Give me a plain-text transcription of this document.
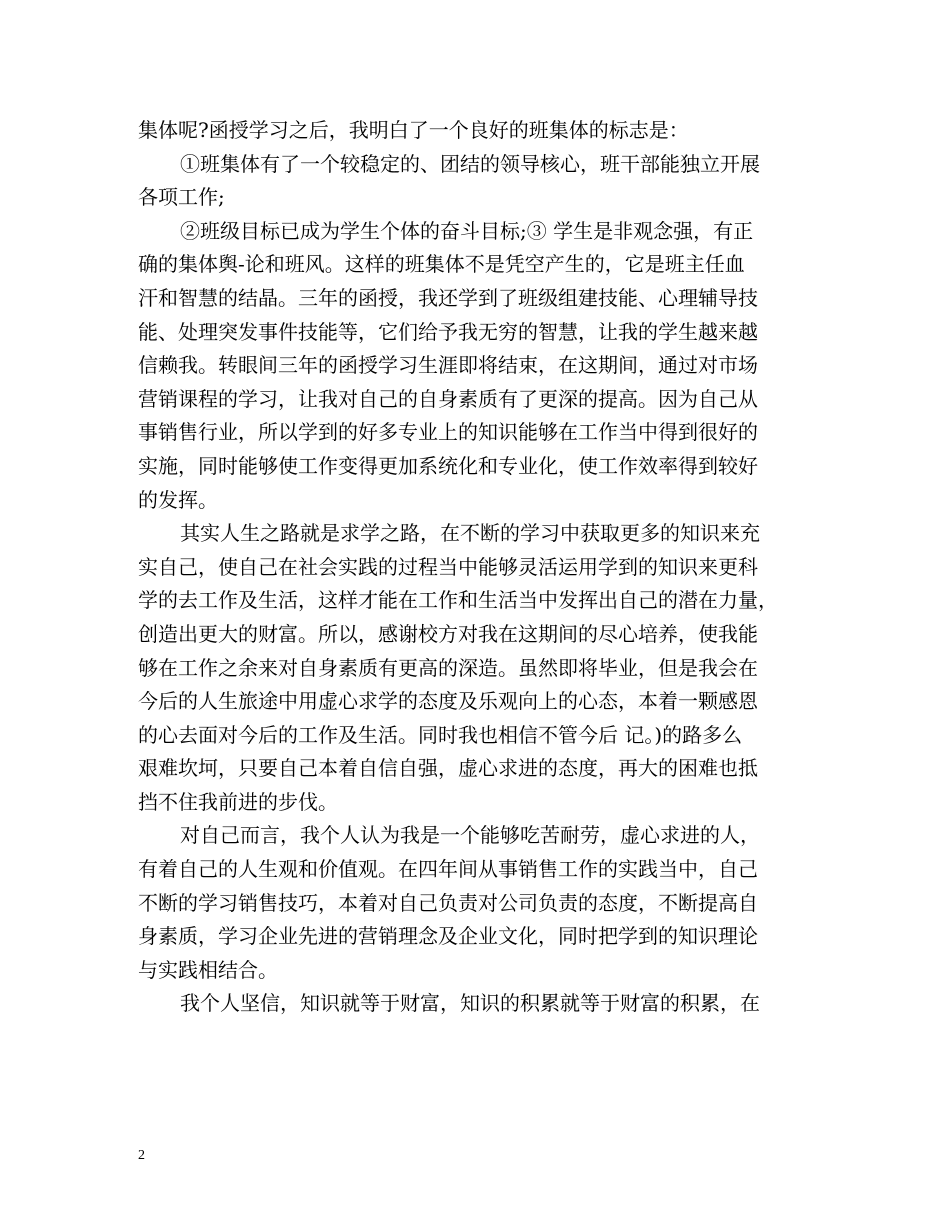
集体呢?函授学习之后，我明白了一个良好的班集体的标志是：
①班集体有了一个较稳定的、团结的领导核心，班干部能独立开展
各项工作;
②班级目标已成为学生个体的奋斗目标;③ 学生是非观念强，有正
确的集体舆-论和班风。这样的班集体不是凭空产生的，它是班主任血
汗和智慧的结晶。三年的函授，我还学到了班级组建技能、心理辅导技
能、处理突发事件技能等，它们给予我无穷的智慧，让我的学生越来越
信赖我。转眼间三年的函授学习生涯即将结束，在这期间，通过对市场
营销课程的学习，让我对自己的自身素质有了更深的提高。因为自己从
事销售行业，所以学到的好多专业上的知识能够在工作当中得到很好的
实施，同时能够使工作变得更加系统化和专业化，使工作效率得到较好
的发挥。
其实人生之路就是求学之路，在不断的学习中获取更多的知识来充
实自己，使自己在社会实践的过程当中能够灵活运用学到的知识来更科
学的去工作及生活，这样才能在工作和生活当中发挥出自己的潜在力量，
创造出更大的财富。所以，感谢校方对我在这期间的尽心培养，使我能
够在工作之余来对自身素质有更高的深造。虽然即将毕业，但是我会在
今后的人生旅途中用虚心求学的态度及乐观向上的心态，本着一颗感恩
的心去面对今后的工作及生活。同时我也相信不管今后 记。)的路多么
艰难坎坷，只要自己本着自信自强，虚心求进的态度，再大的困难也抵
挡不住我前进的步伐。
对自己而言，我个人认为我是一个能够吃苦耐劳，虚心求进的人，
有着自己的人生观和价值观。在四年间从事销售工作的实践当中，自己
不断的学习销售技巧，本着对自己负责对公司负责的态度，不断提高自
身素质，学习企业先进的营销理念及企业文化，同时把学到的知识理论
与实践相结合。
我个人坚信，知识就等于财富，知识的积累就等于财富的积累，在
2
